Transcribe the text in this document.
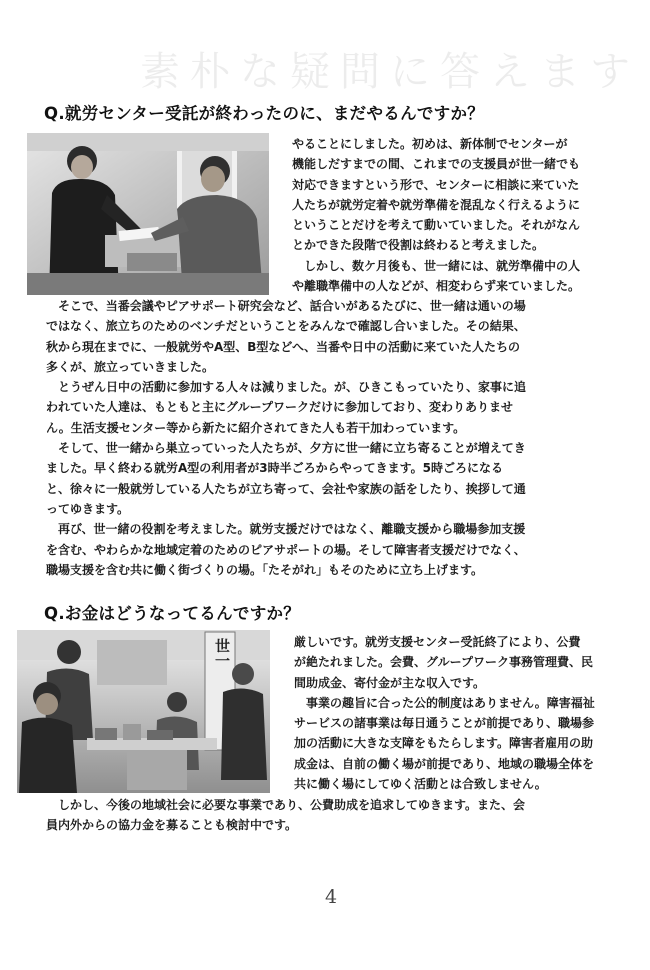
素朴な疑問に答えます
Q.就労センター受託が終わったのに、まだやるんですか？
やることにしました。初めは、新体制でセンターが
機能しだすまでの間、これまでの支援員が世一緒でも
対応できますという形で、センターに相談に来ていた
人たちが就労定着や就労準備を混乱なく行えるように
ということだけを考えて動いていました。それがなん
とかできた段階で役割は終わると考えました。
　しかし、数ケ月後も、世一緒には、就労準備中の人
や離職準備中の人などが、相変わらず来ていました。
　そこで、当番会議やピアサポート研究会など、話合いがあるたびに、世一緒は通いの場
ではなく、旅立ちのためのベンチだということをみんなで確認し合いました。その結果、
秋から現在までに、一般就労やA型、B型などへ、当番や日中の活動に来ていた人たちの
多くが、旅立っていきました。
　とうぜん日中の活動に参加する人々は減りました。が、ひきこもっていたり、家事に追
われていた人達は、もともと主にグループワークだけに参加しており、変わりありませ
ん。生活支援センター等から新たに紹介されてきた人も若干加わっています。
　そして、世一緒から巣立っていった人たちが、夕方に世一緒に立ち寄ることが増えてき
ました。早く終わる就労A型の利用者が3時半ごろからやってきます。5時ごろになる
と、徐々に一般就労している人たちが立ち寄って、会社や家族の話をしたり、挨拶して通
ってゆきます。
　再び、世一緒の役割を考えました。就労支援だけではなく、離職支援から職場参加支援
を含む、やわらかな地域定着のためのピアサポートの場。そして障害者支援だけでなく、
職場支援を含む共に働く街づくりの場。「たそがれ」もそのために立ち上げます。
Q.お金はどうなってるんですか？
世一	厳しいです。就労支援センター受託終了により、公費
が絶たれました。会費、グループワーク事務管理費、民
間助成金、寄付金が主な収入です。
　事業の趣旨に合った公的制度はありません。障害福祉
サービスの諸事業は毎日通うことが前提であり、職場参
加の活動に大きな支障をもたらします。障害者雇用の助
成金は、自前の働く場が前提であり、地域の職場全体を
共に働く場にしてゆく活動とは合致しません。
　しかし、今後の地域社会に必要な事業であり、公費助成を追求してゆきます。また、会
員内外からの協力金を募ることも検討中です。
4
